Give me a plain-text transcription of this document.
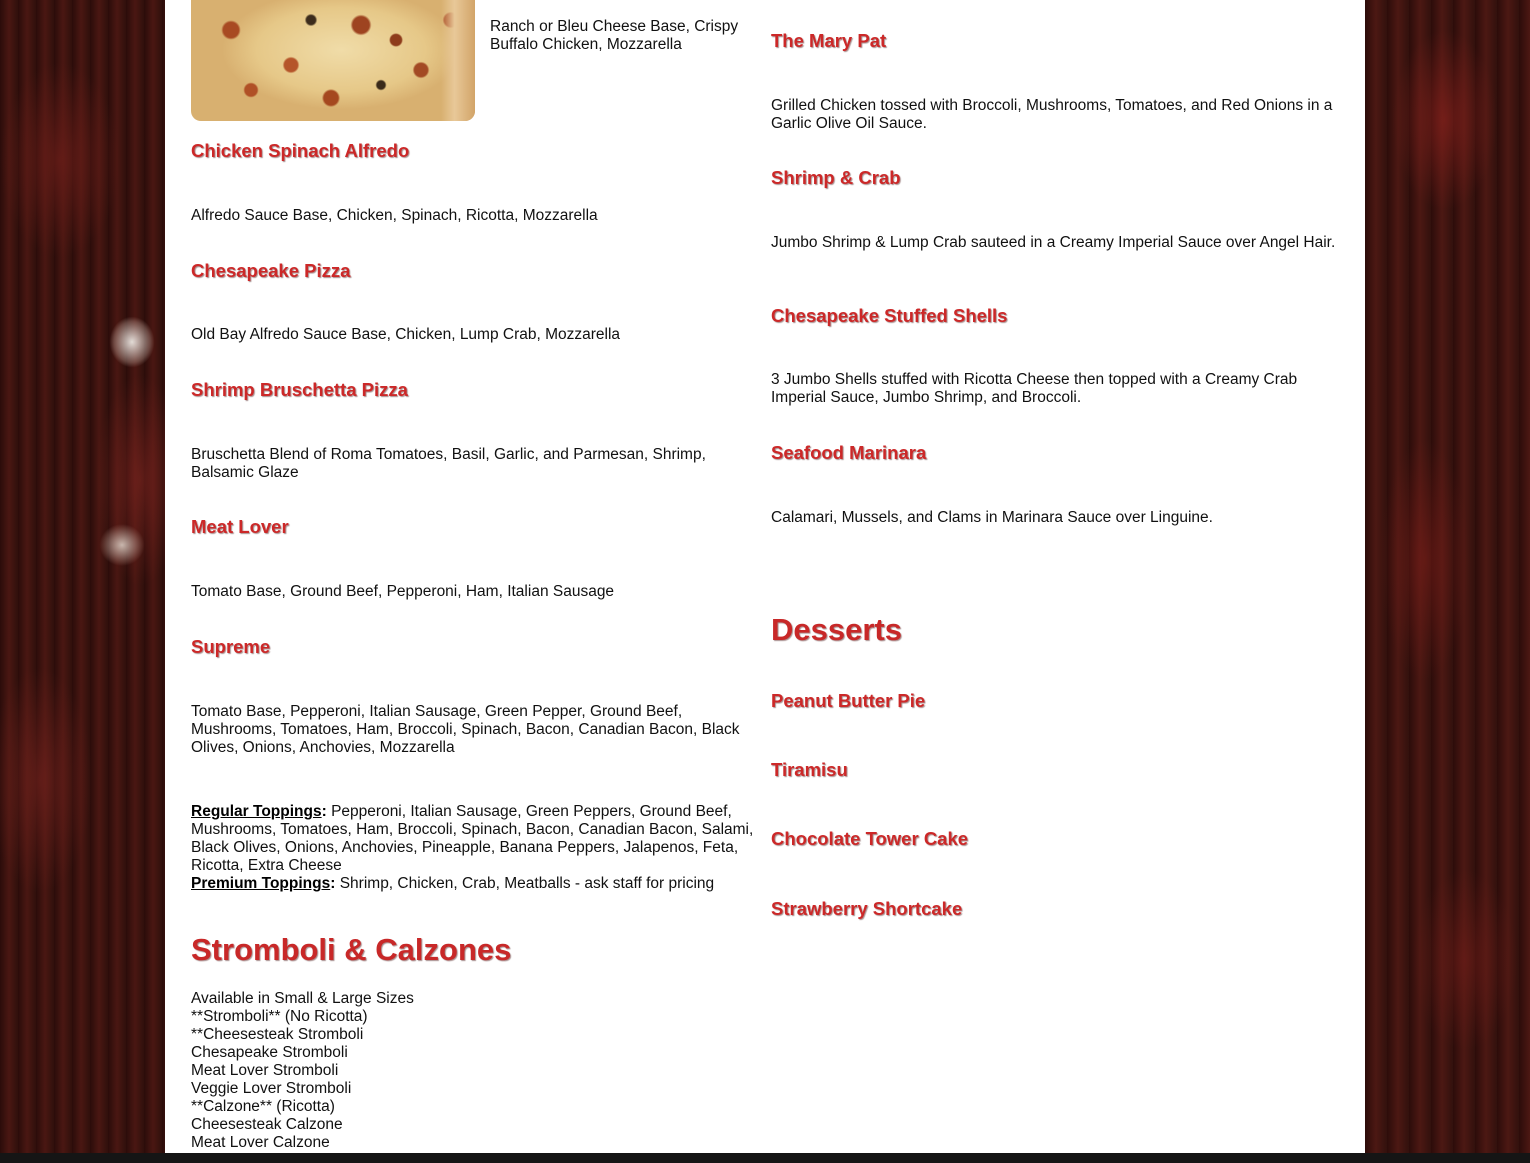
Ranch or Bleu Cheese Base, Crispy Buffalo Chicken, Mozzarella

Chicken Spinach Alfredo

Alfredo Sauce Base, Chicken, Spinach, Ricotta, Mozzarella

Chesapeake Pizza

Old Bay Alfredo Sauce Base, Chicken, Lump Crab, Mozzarella

Shrimp Bruschetta Pizza

Bruschetta Blend of Roma Tomatoes, Basil, Garlic, and Parmesan, Shrimp, Balsamic Glaze

Meat Lover

Tomato Base, Ground Beef, Pepperoni, Ham, Italian Sausage

Supreme

Tomato Base, Pepperoni, Italian Sausage, Green Pepper, Ground Beef, Mushrooms, Tomatoes, Ham, Broccoli, Spinach, Bacon, Canadian Bacon, Black Olives, Onions, Anchovies, Mozzarella

Regular Toppings: Pepperoni, Italian Sausage, Green Peppers, Ground Beef, Mushrooms, Tomatoes, Ham, Broccoli, Spinach, Bacon, Canadian Bacon, Salami, Black Olives, Onions, Anchovies, Pineapple, Banana Peppers, Jalapenos, Feta, Ricotta, Extra Cheese

Premium Toppings: Shrimp, Chicken, Crab, Meatballs - ask staff for pricing

Stromboli & Calzones

Available in Small & Large Sizes
**Stromboli** (No Ricotta)
**Cheesesteak Stromboli
Chesapeake Stromboli
Meat Lover Stromboli
Veggie Lover Stromboli
**Calzone** (Ricotta)
Cheesesteak Calzone
Meat Lover Calzone

The Mary Pat

Grilled Chicken tossed with Broccoli, Mushrooms, Tomatoes, and Red Onions in a Garlic Olive Oil Sauce.

Shrimp & Crab

Jumbo Shrimp & Lump Crab sauteed in a Creamy Imperial Sauce over Angel Hair.

Chesapeake Stuffed Shells

3 Jumbo Shells stuffed with Ricotta Cheese then topped with a Creamy Crab Imperial Sauce, Jumbo Shrimp, and Broccoli.

Seafood Marinara

Calamari, Mussels, and Clams in Marinara Sauce over Linguine.

Desserts
Peanut Butter Pie
Tiramisu
Chocolate Tower Cake
Strawberry Shortcake
